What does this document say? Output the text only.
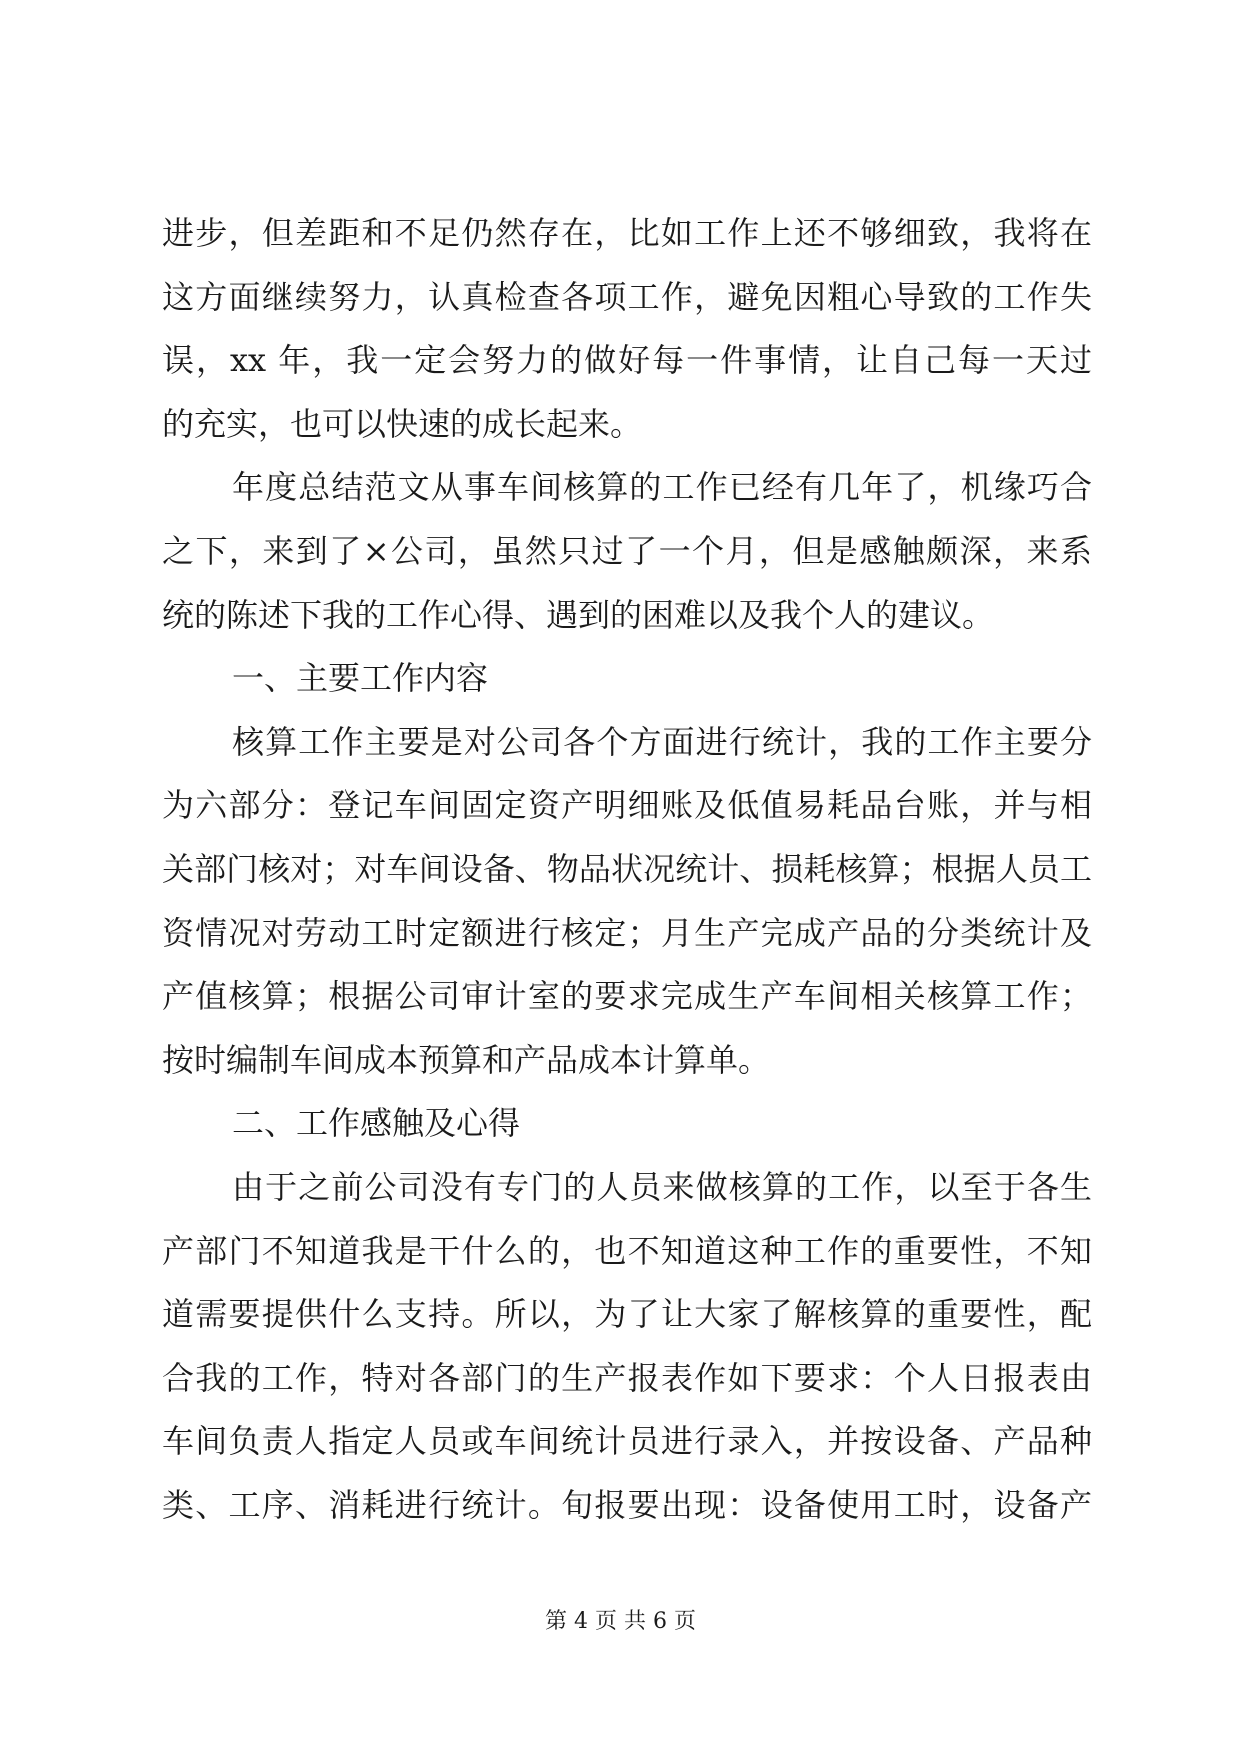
进步，但差距和不足仍然存在，比如工作上还不够细致，我将在
这方面继续努力，认真检查各项工作，避免因粗心导致的工作失
误，xx 年，我一定会努力的做好每一件事情，让自己每一天过
的充实，也可以快速的成长起来。
年度总结范文从事车间核算的工作已经有几年了，机缘巧合
之下，来到了×公司，虽然只过了一个月，但是感触颇深，来系
统的陈述下我的工作心得、遇到的困难以及我个人的建议。
一、主要工作内容
核算工作主要是对公司各个方面进行统计，我的工作主要分
为六部分：登记车间固定资产明细账及低值易耗品台账，并与相
关部门核对；对车间设备、物品状况统计、损耗核算；根据人员工
资情况对劳动工时定额进行核定；月生产完成产品的分类统计及
产值核算；根据公司审计室的要求完成生产车间相关核算工作；
按时编制车间成本预算和产品成本计算单。
二、工作感触及心得
由于之前公司没有专门的人员来做核算的工作，以至于各生
产部门不知道我是干什么的，也不知道这种工作的重要性，不知
道需要提供什么支持。所以，为了让大家了解核算的重要性，配
合我的工作，特对各部门的生产报表作如下要求：个人日报表由
车间负责人指定人员或车间统计员进行录入，并按设备、产品种
类、工序、消耗进行统计。旬报要出现：设备使用工时，设备产
第 4 页 共 6 页
